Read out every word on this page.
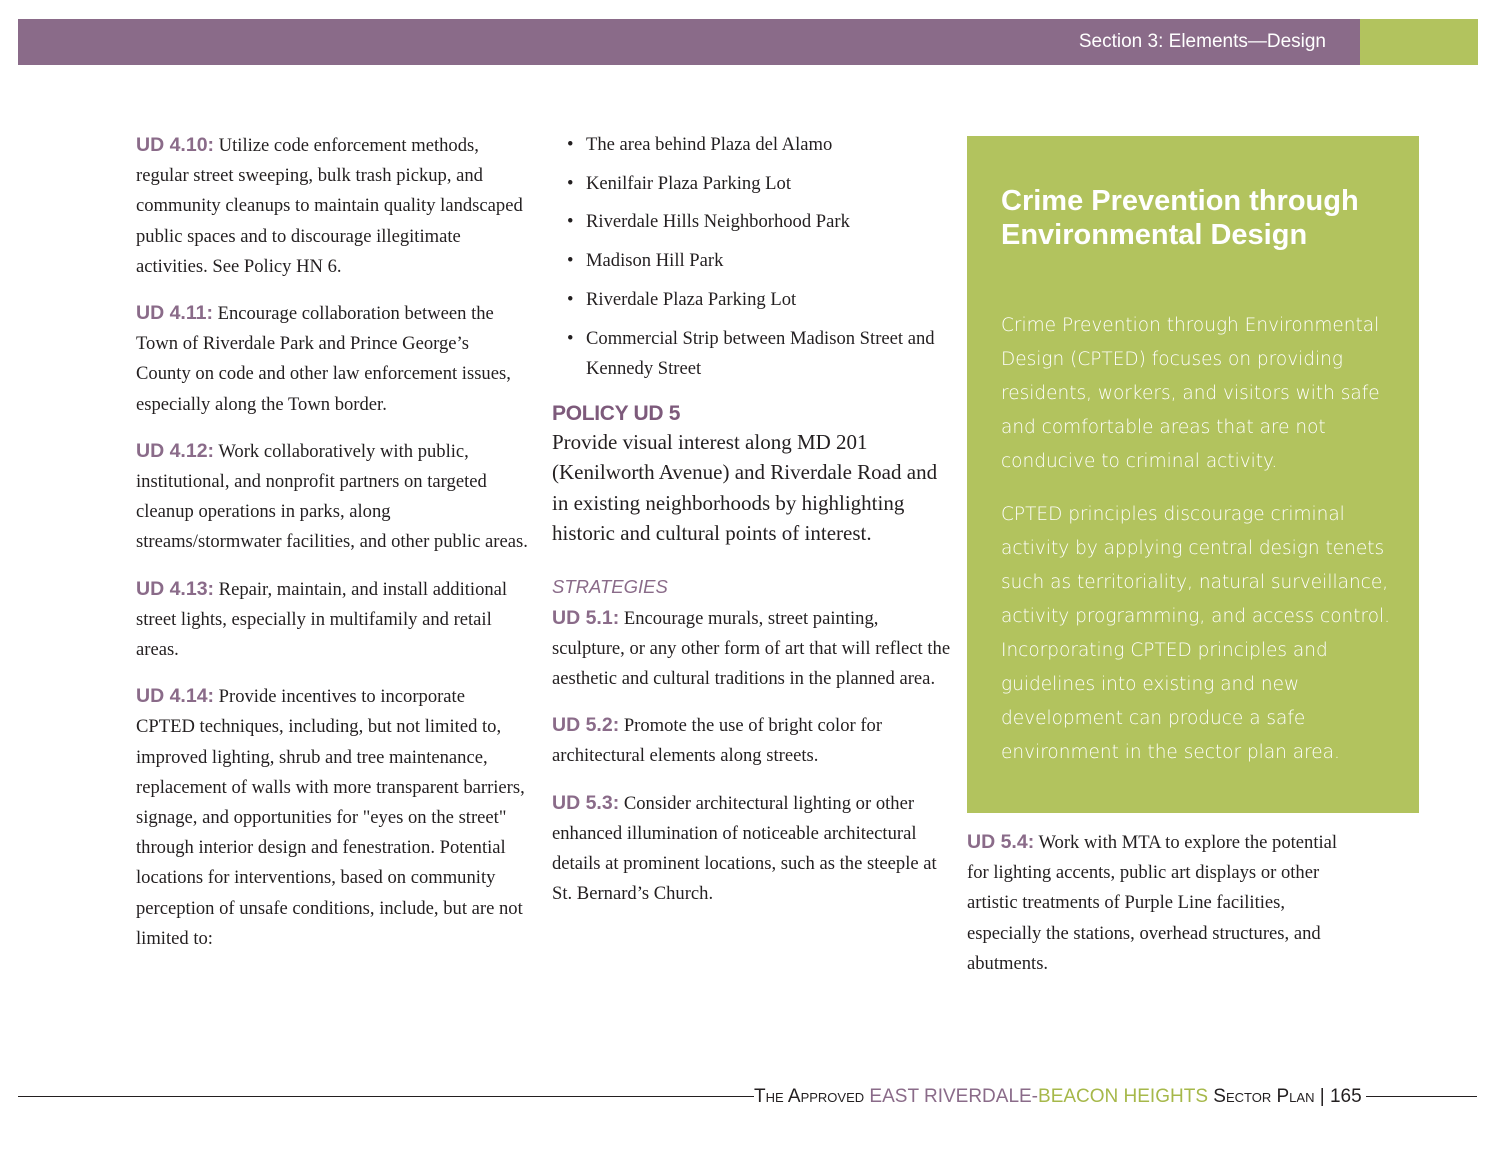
Section 3: Elements—Design

UD 4.10: Utilize code enforcement methods, regular street sweeping, bulk trash pickup, and community cleanups to maintain quality landscaped public spaces and to discourage illegitimate activities. See Policy HN 6.

UD 4.11: Encourage collaboration between the Town of Riverdale Park and Prince George’s County on code and other law enforcement issues, especially along the Town border.

UD 4.12: Work collaboratively with public, institutional, and nonprofit partners on targeted cleanup operations in parks, along streams/stormwater facilities, and other public areas.

UD 4.13: Repair, maintain, and install additional street lights, especially in multifamily and retail areas.

UD 4.14: Provide incentives to incorporate CPTED techniques, including, but not limited to, improved lighting, shrub and tree maintenance, replacement of walls with more transparent barriers, signage, and opportunities for "eyes on the street" through interior design and fenestration. Potential locations for interventions, based on community perception of unsafe conditions, include, but are not limited to:

• The area behind Plaza del Alamo
• Kenilfair Plaza Parking Lot
• Riverdale Hills Neighborhood Park
• Madison Hill Park
• Riverdale Plaza Parking Lot
• Commercial Strip between Madison Street and Kennedy Street
POLICY UD 5
Provide visual interest along MD 201 (Kenilworth Avenue) and Riverdale Road and in existing neighborhoods by highlighting historic and cultural points of interest.
STRATEGIES

UD 5.1: Encourage murals, street painting, sculpture, or any other form of art that will reflect the aesthetic and cultural traditions in the planned area.

UD 5.2: Promote the use of bright color for architectural elements along streets.

UD 5.3: Consider architectural lighting or other enhanced illumination of noticeable architectural details at prominent locations, such as the steeple at St. Bernard’s Church.

Crime Prevention through Environmental Design

Crime Prevention through Environmental Design (CPTED) focuses on providing residents, workers, and visitors with safe and comfortable areas that are not conducive to criminal activity.

CPTED principles discourage criminal activity by applying central design tenets such as territoriality, natural surveillance, activity programming, and access control. Incorporating CPTED principles and guidelines into existing and new development can produce a safe environment in the sector plan area.

UD 5.4: Work with MTA to explore the potential for lighting accents, public art displays or other artistic treatments of Purple Line facilities, especially the stations, overhead structures, and abutments.

The Approved EAST RIVERDALE-BEACON HEIGHTS Sector Plan | 165
